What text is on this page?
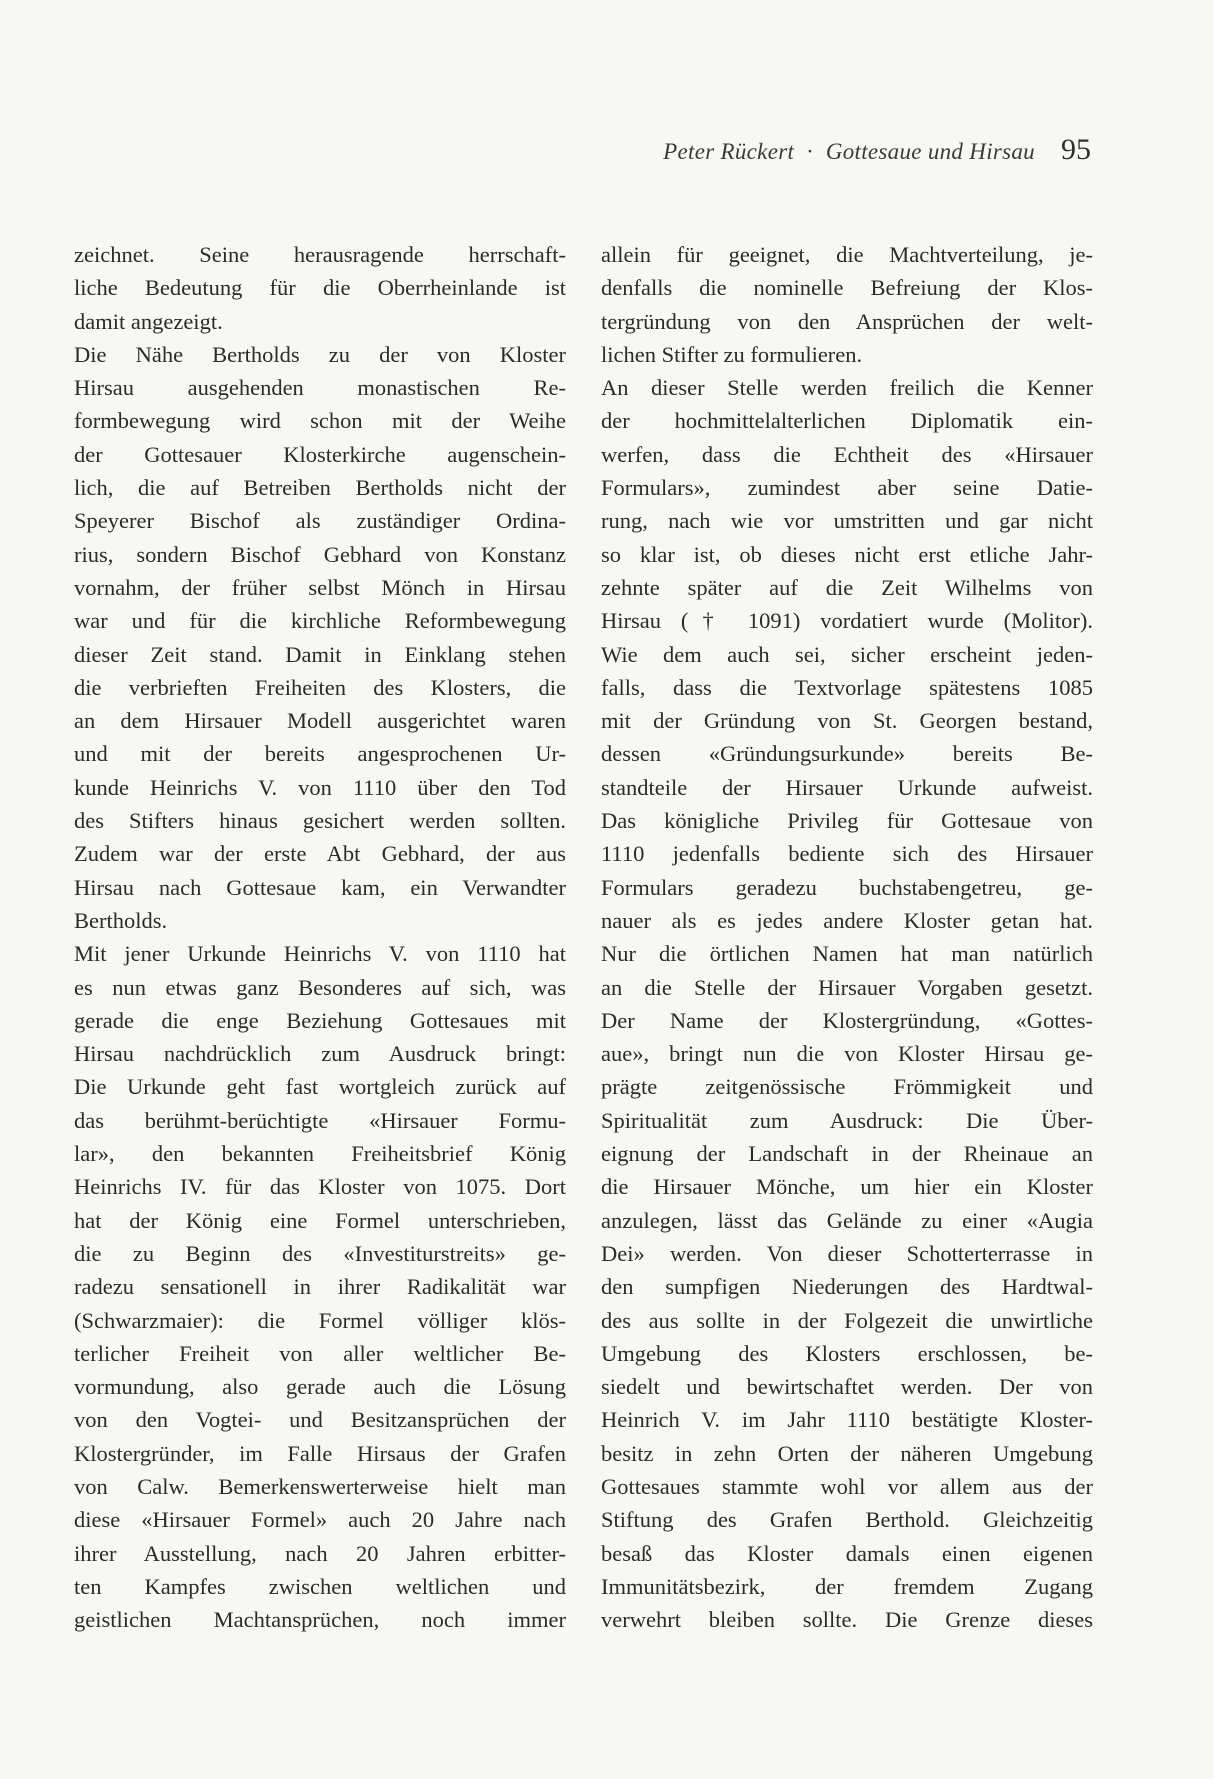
Peter Rückert · Gottesaue und Hirsau 95
zeichnet. Seine herausragende herrschaft-
liche Bedeutung für die Oberrheinlande ist
damit angezeigt.
Die Nähe Bertholds zu der von Kloster
Hirsau ausgehenden monastischen Re-
formbewegung wird schon mit der Weihe
der Gottesauer Klosterkirche augenschein-
lich, die auf Betreiben Bertholds nicht der
Speyerer Bischof als zuständiger Ordina-
rius, sondern Bischof Gebhard von Konstanz
vornahm, der früher selbst Mönch in Hirsau
war und für die kirchliche Reformbewegung
dieser Zeit stand. Damit in Einklang stehen
die verbrieften Freiheiten des Klosters, die
an dem Hirsauer Modell ausgerichtet waren
und mit der bereits angesprochenen Ur-
kunde Heinrichs V. von 1110 über den Tod
des Stifters hinaus gesichert werden sollten.
Zudem war der erste Abt Gebhard, der aus
Hirsau nach Gottesaue kam, ein Verwandter
Bertholds.
Mit jener Urkunde Heinrichs V. von 1110 hat
es nun etwas ganz Besonderes auf sich, was
gerade die enge Beziehung Gottesaues mit
Hirsau nachdrücklich zum Ausdruck bringt:
Die Urkunde geht fast wortgleich zurück auf
das berühmt-berüchtigte «Hirsauer Formu-
lar», den bekannten Freiheitsbrief König
Heinrichs IV. für das Kloster von 1075. Dort
hat der König eine Formel unterschrieben,
die zu Beginn des «Investiturstreits» ge-
radezu sensationell in ihrer Radikalität war
(Schwarzmaier): die Formel völliger klös-
terlicher Freiheit von aller weltlicher Be-
vormundung, also gerade auch die Lösung
von den Vogtei- und Besitzansprüchen der
Klostergründer, im Falle Hirsaus der Grafen
von Calw. Bemerkenswerterweise hielt man
diese «Hirsauer Formel» auch 20 Jahre nach
ihrer Ausstellung, nach 20 Jahren erbitter-
ten Kampfes zwischen weltlichen und
geistlichen Machtansprüchen, noch immer
allein für geeignet, die Machtverteilung, je-
denfalls die nominelle Befreiung der Klos-
tergründung von den Ansprüchen der welt-
lichen Stifter zu formulieren.
An dieser Stelle werden freilich die Kenner
der hochmittelalterlichen Diplomatik ein-
werfen, dass die Echtheit des «Hirsauer
Formulars», zumindest aber seine Datie-
rung, nach wie vor umstritten und gar nicht
so klar ist, ob dieses nicht erst etliche Jahr-
zehnte später auf die Zeit Wilhelms von
Hirsau († 1091) vordatiert wurde (Molitor).
Wie dem auch sei, sicher erscheint jeden-
falls, dass die Textvorlage spätestens 1085
mit der Gründung von St. Georgen bestand,
dessen «Gründungsurkunde» bereits Be-
standteile der Hirsauer Urkunde aufweist.
Das königliche Privileg für Gottesaue von
1110 jedenfalls bediente sich des Hirsauer
Formulars geradezu buchstabengetreu, ge-
nauer als es jedes andere Kloster getan hat.
Nur die örtlichen Namen hat man natürlich
an die Stelle der Hirsauer Vorgaben gesetzt.
Der Name der Klostergründung, «Gottes-
aue», bringt nun die von Kloster Hirsau ge-
prägte zeitgenössische Frömmigkeit und
Spiritualität zum Ausdruck: Die Über-
eignung der Landschaft in der Rheinaue an
die Hirsauer Mönche, um hier ein Kloster
anzulegen, lässt das Gelände zu einer «Augia
Dei» werden. Von dieser Schotterterrasse in
den sumpfigen Niederungen des Hardtwal-
des aus sollte in der Folgezeit die unwirtliche
Umgebung des Klosters erschlossen, be-
siedelt und bewirtschaftet werden. Der von
Heinrich V. im Jahr 1110 bestätigte Kloster-
besitz in zehn Orten der näheren Umgebung
Gottesaues stammte wohl vor allem aus der
Stiftung des Grafen Berthold. Gleichzeitig
besaß das Kloster damals einen eigenen
Immunitätsbezirk, der fremdem Zugang
verwehrt bleiben sollte. Die Grenze dieses
